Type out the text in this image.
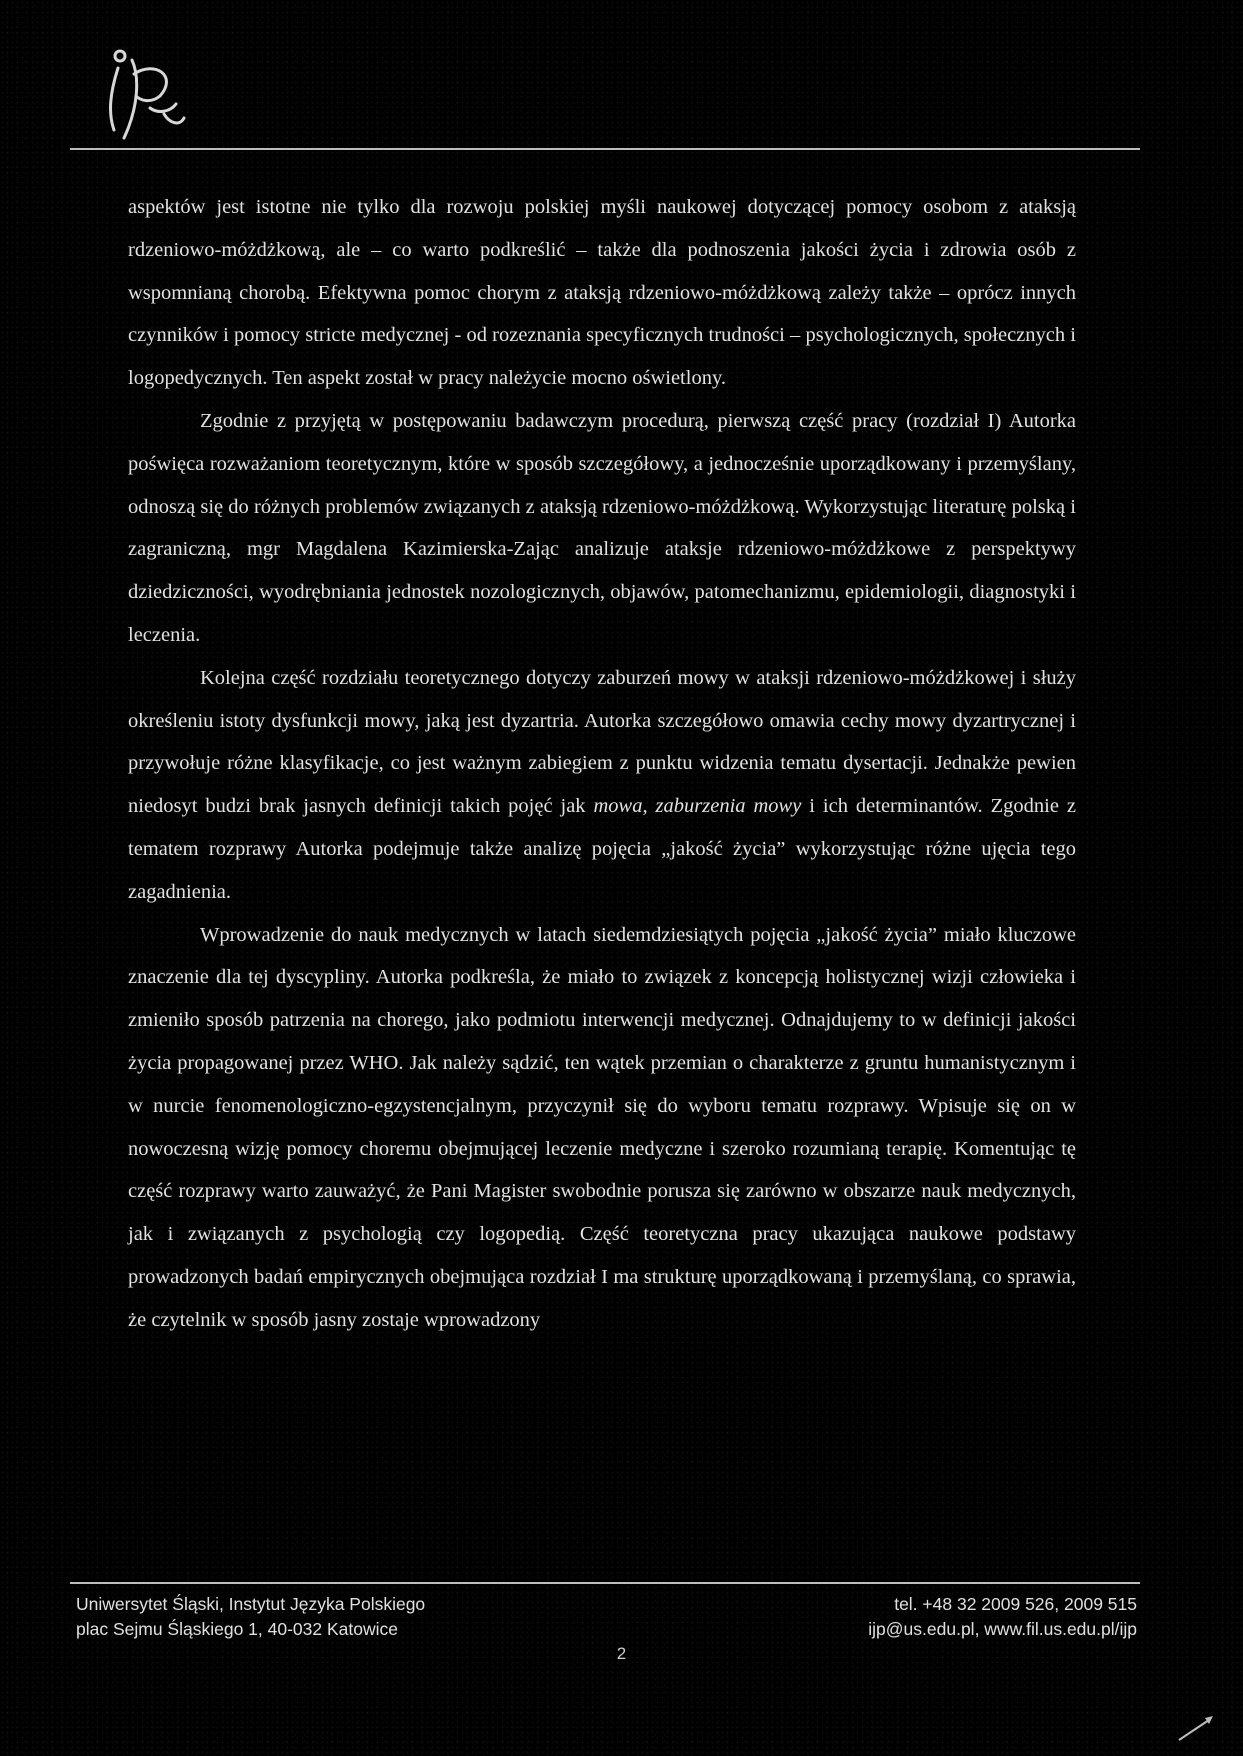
aspektów jest istotne nie tylko dla rozwoju polskiej myśli naukowej dotyczącej pomocy osobom z ataksją rdzeniowo-móżdżkową, ale – co warto podkreślić – także dla podnoszenia jakości życia i zdrowia osób z wspomnianą chorobą. Efektywna pomoc chorym z ataksją rdzeniowo-móżdżkową zależy także – oprócz innych czynników i pomocy stricte medycznej - od rozeznania specyficznych trudności – psychologicznych, społecznych i logopedycznych. Ten aspekt został w pracy należycie mocno oświetlony.

Zgodnie z przyjętą w postępowaniu badawczym procedurą, pierwszą część pracy (rozdział I) Autorka poświęca rozważaniom teoretycznym, które w sposób szczegółowy, a jednocześnie uporządkowany i przemyślany, odnoszą się do różnych problemów związanych z ataksją rdzeniowo-móżdżkową. Wykorzystując literaturę polską i zagraniczną, mgr Magdalena Kazimierska-Zając analizuje ataksje rdzeniowo-móżdżkowe z perspektywy dziedziczności, wyodrębniania jednostek nozologicznych, objawów, patomechanizmu, epidemiologii, diagnostyki i leczenia.

Kolejna część rozdziału teoretycznego dotyczy zaburzeń mowy w ataksji rdzeniowo-móżdżkowej i służy określeniu istoty dysfunkcji mowy, jaką jest dyzartria. Autorka szczegółowo omawia cechy mowy dyzartrycznej i przywołuje różne klasyfikacje, co jest ważnym zabiegiem z punktu widzenia tematu dysertacji. Jednakże pewien niedosyt budzi brak jasnych definicji takich pojęć jak mowa, zaburzenia mowy i ich determinantów. Zgodnie z tematem rozprawy Autorka podejmuje także analizę pojęcia „jakość życia” wykorzystując różne ujęcia tego zagadnienia.

Wprowadzenie do nauk medycznych w latach siedemdziesiątych pojęcia „jakość życia” miało kluczowe znaczenie dla tej dyscypliny. Autorka podkreśla, że miało to związek z koncepcją holistycznej wizji człowieka i zmieniło sposób patrzenia na chorego, jako podmiotu interwencji medycznej. Odnajdujemy to w definicji jakości życia propagowanej przez WHO. Jak należy sądzić, ten wątek przemian o charakterze z gruntu humanistycznym i w nurcie fenomenologiczno-egzystencjalnym, przyczynił się do wyboru tematu rozprawy. Wpisuje się on w nowoczesną wizję pomocy choremu obejmującej leczenie medyczne i szeroko rozumianą terapię. Komentując tę część rozprawy warto zauważyć, że Pani Magister swobodnie porusza się zarówno w obszarze nauk medycznych, jak i związanych z psychologią czy logopedią. Część teoretyczna pracy ukazująca naukowe podstawy prowadzonych badań empirycznych obejmująca rozdział I ma strukturę uporządkowaną i przemyślaną, co sprawia, że czytelnik w sposób jasny zostaje wprowadzony

Uniwersytet Śląski, Instytut Języka Polskiego
plac Sejmu Śląskiego 1, 40-032 Katowice
tel. +48 32 2009 526, 2009 515
ijp@us.edu.pl, www.fil.us.edu.pl/ijp
2
